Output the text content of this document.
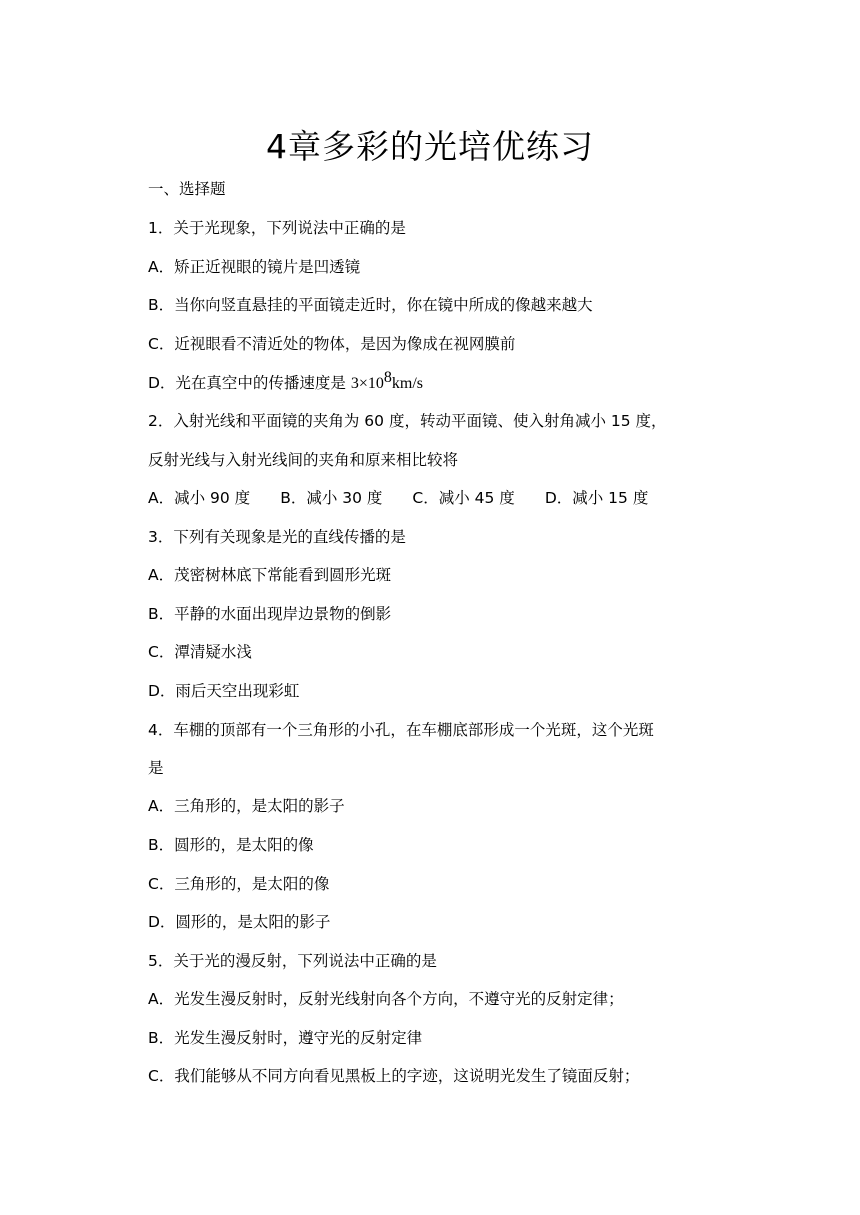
4章多彩的光培优练习
一、选择题
1．关于光现象，下列说法中正确的是
A．矫正近视眼的镜片是凹透镜
B．当你向竖直悬挂的平面镜走近时，你在镜中所成的像越来越大
C．近视眼看不清近处的物体，是因为像成在视网膜前
D．光在真空中的传播速度是 $3\times 10^8km/s$
2．入射光线和平面镜的夹角为 60 度，转动平面镜、使入射角减小 15 度，
反射光线与入射光线间的夹角和原来相比较将
A．减小 90 度 B．减小 30 度 C．减小 45 度 D．减小 15 度
3．下列有关现象是光的直线传播的是
A．茂密树林底下常能看到圆形光斑
B．平静的水面出现岸边景物的倒影
C．潭清疑水浅
D．雨后天空出现彩虹
4．车棚的顶部有一个三角形的小孔，在车棚底部形成一个光斑，这个光斑
是
A．三角形的，是太阳的影子
B．圆形的，是太阳的像
C．三角形的，是太阳的像
D．圆形的，是太阳的影子
5．关于光的漫反射，下列说法中正确的是
A．光发生漫反射时，反射光线射向各个方向，不遵守光的反射定律；
B．光发生漫反射时，遵守光的反射定律
C．我们能够从不同方向看见黑板上的字迹，这说明光发生了镜面反射；
